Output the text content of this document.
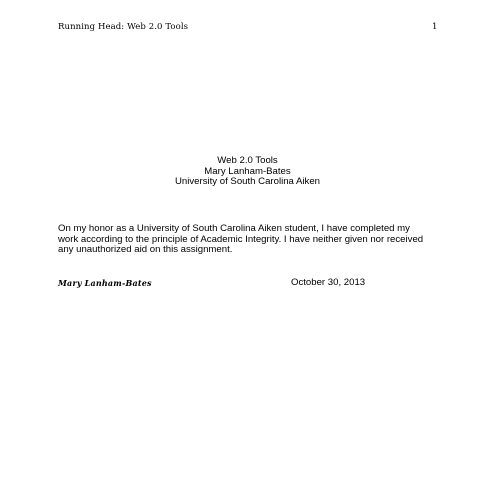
Running Head: Web 2.0 Tools	1
Web 2.0 Tools
Mary Lanham-Bates
University of South Carolina Aiken
On my honor as a University of South Carolina Aiken student, I have completed my
work according to the principle of Academic Integrity. I have neither given nor received
any unauthorized aid on this assignment.
Mary Lanham-Bates	October 30, 2013
